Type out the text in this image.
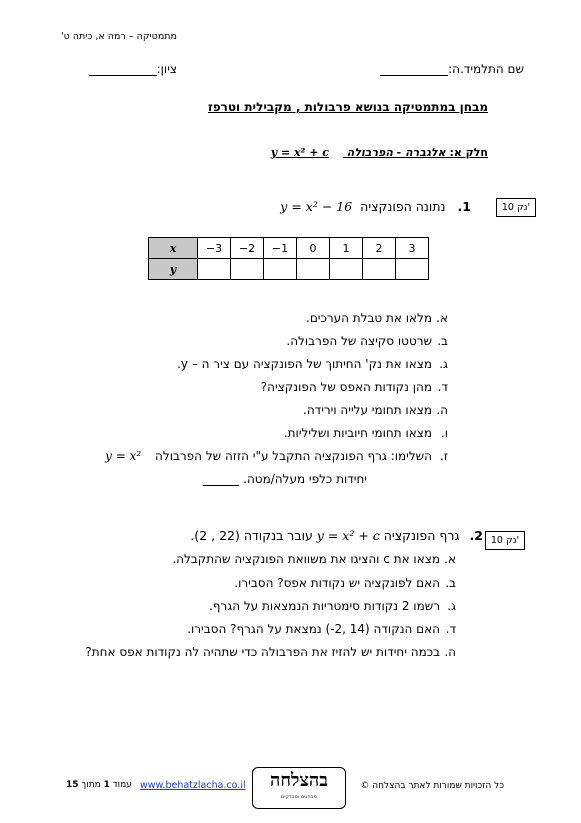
מתמטיקה – רמה א, כיתה ט'
שם התלמיד.ה:
ציון:
מבחן במתמטיקה בנושא פרבולות , מקבילית וטרפז
חלק א: אלגברה - הפרבולה y = x² + c
10 נק'
1. נתונה הפונקציה y = x² − 16
x	−3	−2	−1	0	1	2	3
y							
א.מלאו את טבלת הערכים.
ב.שרטטו סקיצה של הפרבולה.
ג.מצאו את נק' החיתוך של הפונקציה עם ציר ה – y.
ד.מהן נקודות האפס של הפונקציה?
ה.מצאו תחומי עלייה וירידה.
ו.מצאו תחומי חיוביות ושליליות.
ז.השלימו: גרף הפונקציה התקבל ע"י הזזה של הפרבולה y = x²
יחידות כלפי מעלה/מטה.
10 נק'
2. גרף הפונקציה y = x² + c עובר בנקודה (22 , 2).
א.מצאו את c והציגו את משוואת הפונקציה שהתקבלה.
ב.האם לפונקציה יש נקודות אפס? הסבירו.
ג.רשמו 2 נקודות סימטריות הנמצאות על הגרף.
ד.האם הנקודה (14 ,2-) נמצאת על הגרף? הסבירו.
ה.בכמה יחידות יש להזיז את הפרבולה כדי שתהיה לה נקודות אפס אחת?
כל הזכויות שמורות לאתר בהצלחה ©
בהצלחה
מבחנים ומבדקים
www.behatzlacha.co.il
עמוד 1 מתוך 15
